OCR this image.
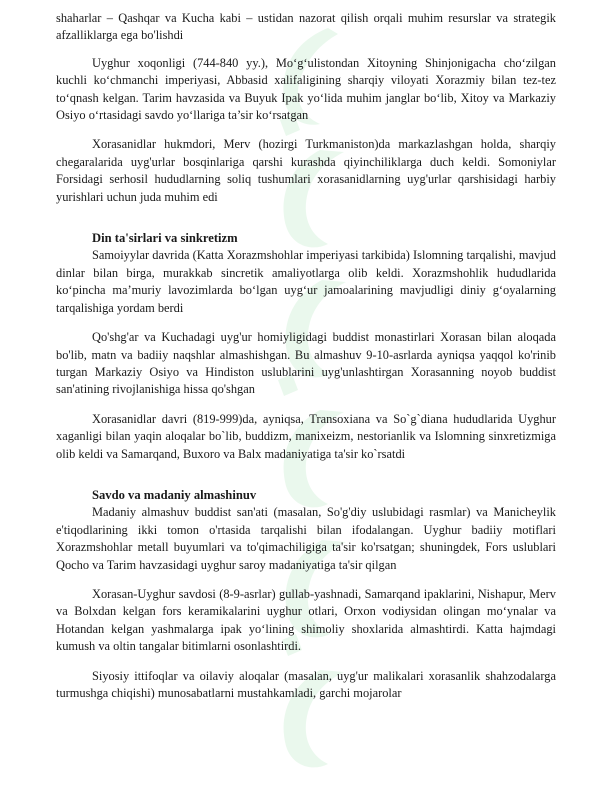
shaharlar – Qashqar va Kucha kabi – ustidan nazorat qilish orqali muhim resurslar va strategik afzalliklarga ega bo'lishdi

Uyghur xoqonligi (744-840 yy.), Mo‘g‘ulistondan Xitoyning Shinjonigacha cho‘zilgan kuchli ko‘chmanchi imperiyasi, Abbasid xalifaligining sharqiy viloyati Xorazmiy bilan tez-tez to‘qnash kelgan. Tarim havzasida va Buyuk Ipak yo‘lida muhim janglar bo‘lib, Xitoy va Markaziy Osiyo o‘rtasidagi savdo yo‘llariga ta’sir ko‘rsatgan

Xorasanidlar hukmdori, Merv (hozirgi Turkmaniston)da markazlashgan holda, sharqiy chegaralarida uyg'urlar bosqinlariga qarshi kurashda qiyinchiliklarga duch keldi. Somoniylar Forsidagi serhosil hududlarning soliq tushumlari xorasanidlarning uyg'urlar qarshisidagi harbiy yurishlari uchun juda muhim edi

Din ta'sirlari va sinkretizm

Samoiyylar davrida (Katta Xorazmshohlar imperiyasi tarkibida) Islomning tarqalishi, mavjud dinlar bilan birga, murakkab sincretik amaliyotlarga olib keldi. Xorazmshohlik hududlarida ko‘pincha ma’muriy lavozimlarda bo‘lgan uyg‘ur jamoalarining mavjudligi diniy g‘oyalarning tarqalishiga yordam berdi

Qo'shg'ar va Kuchadagi uyg'ur homiyligidagi buddist monastirlari Xorasan bilan aloqada bo'lib, matn va badiiy naqshlar almashishgan. Bu almashuv 9-10-asrlarda ayniqsa yaqqol ko'rinib turgan Markaziy Osiyo va Hindiston uslublarini uyg'unlashtirgan Xorasanning noyob buddist san'atining rivojlanishiga hissa qo'shgan

Xorasanidlar davri (819-999)da, ayniqsa, Transoxiana va So`g`diana hududlarida Uyghur xaganligi bilan yaqin aloqalar bo`lib, buddizm, manixeizm, nestorianlik va Islomning sinxretizmiga olib keldi va Samarqand, Buxoro va Balx madaniyatiga ta'sir ko`rsatdi

Savdo va madaniy almashinuv

Madaniy almashuv buddist san'ati (masalan, So'g'diy uslubidagi rasmlar) va Manicheylik e'tiqodlarining ikki tomon o'rtasida tarqalishi bilan ifodalangan. Uyghur badiiy motiflari Xorazmshohlar metall buyumlari va to'qimachiligiga ta'sir ko'rsatgan; shuningdek, Fors uslublari Qocho va Tarim havzasidagi uyghur saroy madaniyatiga ta'sir qilgan

Xorasan-Uyghur savdosi (8-9-asrlar) gullab-yashnadi, Samarqand ipaklarini, Nishapur, Merv va Bolxdan kelgan fors keramikalarini uyghur otlari, Orxon vodiysidan olingan mo‘ynalar va Hotandan kelgan yashmalarga ipak yo‘lining shimoliy shoxlarida almashtirdi. Katta hajmdagi kumush va oltin tangalar bitimlarni osonlashtirdi.

Siyosiy ittifoqlar va oilaviy aloqalar (masalan, uyg'ur malikalari xorasanlik shahzodalarga turmushga chiqishi) munosabatlarni mustahkamladi, garchi mojarolar
